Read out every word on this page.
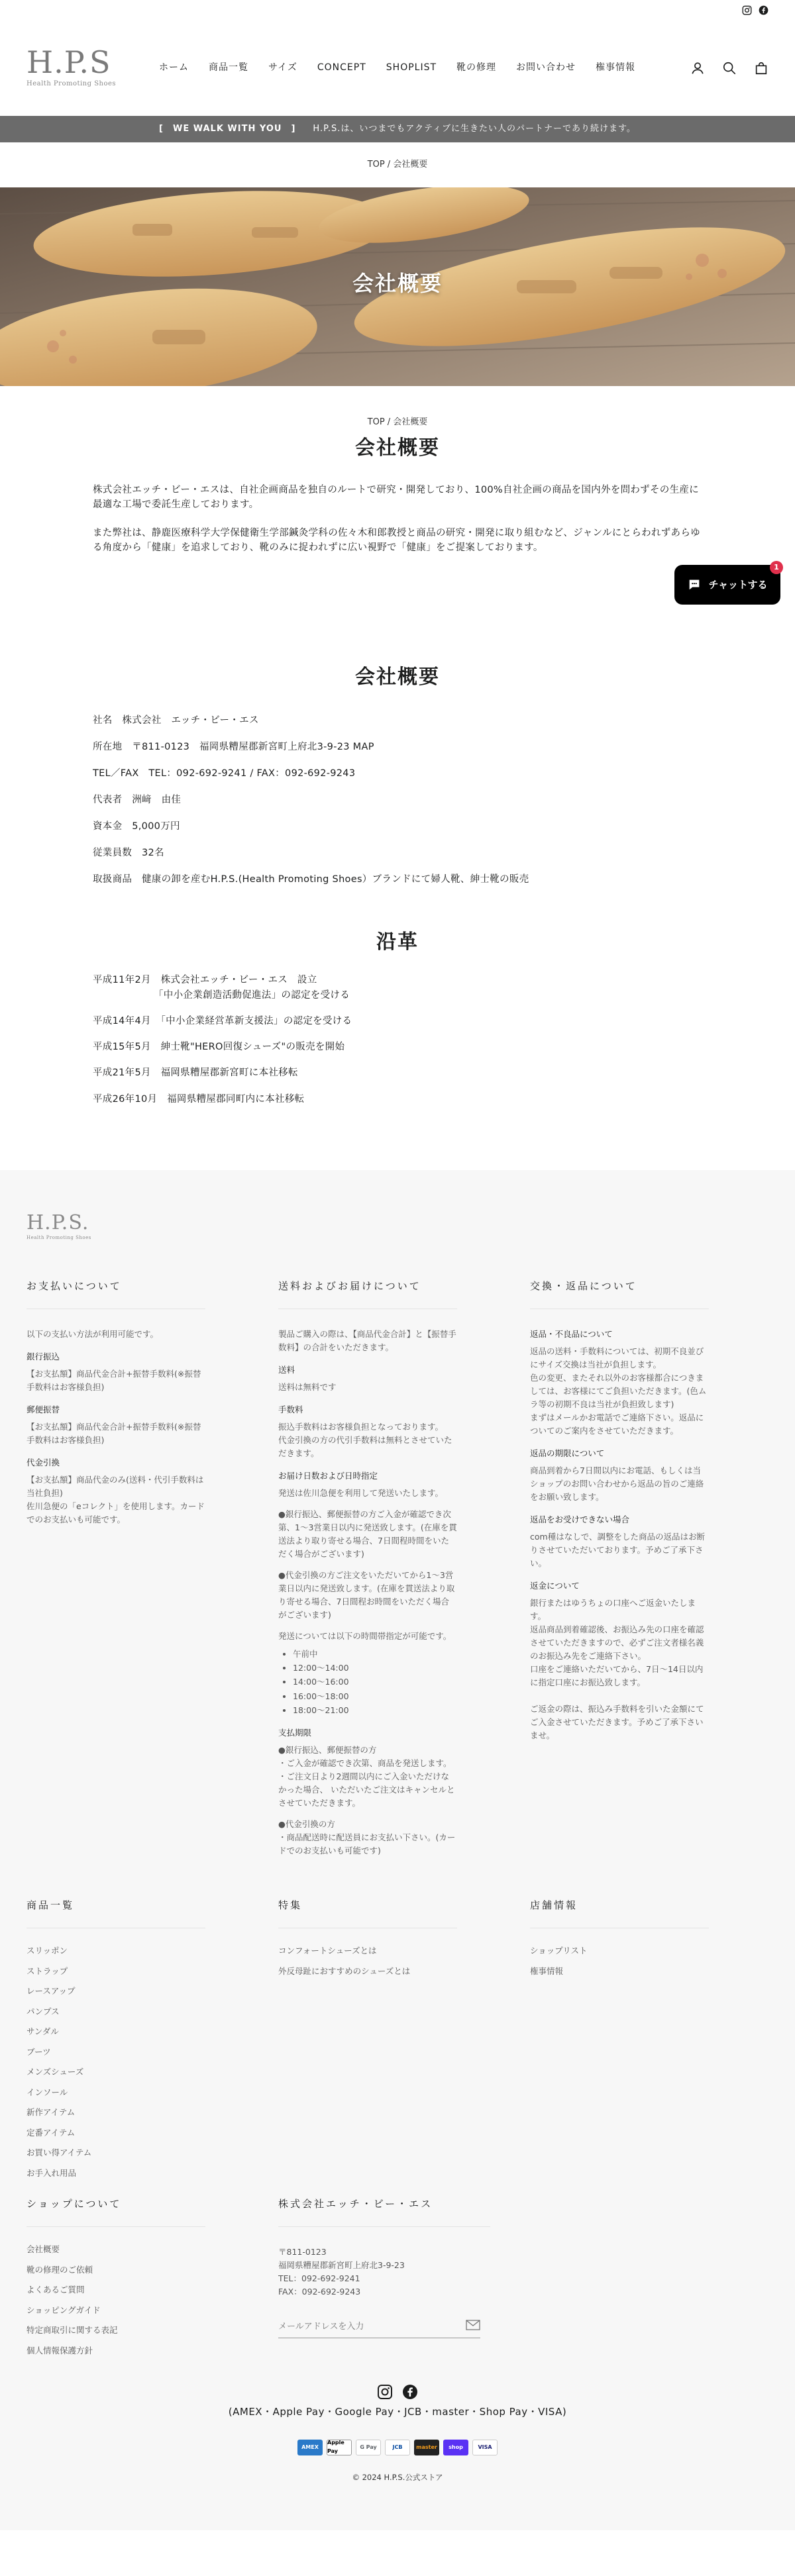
H.P.S
Health Promoting Shoes
ホーム 商品一覧 サイズ CONCEPT SHOPLIST 靴の修理 お問い合わせ 権事情報
[　WE WALK WITH YOU　] H.P.S.は、いつまでもアクティブに生きたい人のパートナーであり続けます。
TOP / 会社概要
会社概要
TOP / 会社概要
会社概要

株式会社エッチ・ビー・エスは、自社企画商品を独自のルートで研究・開発しており、100%自社企画の商品を国内外を問わずその生産に最適な工場で委託生産しております。

また弊社は、静鹿医療科学大学保健衛生学部鍼灸学科の佐々木和郎教授と商品の研究・開発に取り組むなど、ジャンルにとらわれずあらゆる角度から「健康」を追求しており、靴のみに捉われずに広い視野で「健康」をご提案しております。

チャットする
1
会社概要
社名　株式会社　エッチ・ビー・エス
所在地　〒811-0123　福岡県糟屋郡新宮町上府北3-9-23 MAP
TEL／FAX　TEL：092-692-9241 / FAX：092-692-9243
代表者　洲﨑　由佳
資本金　5,000万円
従業員数　32名
取扱商品　健康の卸を産むH.P.S.(Health Promoting Shoes）ブランドにて婦人靴、紳士靴の販売
沿革
平成11年2月　株式会社エッチ・ビー・エス　設立
「中小企業創造活動促進法」の認定を受ける
平成14年4月　「中小企業経営革新支援法」の認定を受ける
平成15年5月　紳士靴"HERO回復シューズ"の販売を開始
平成21年5月　福岡県糟屋郡新宮町に本社移転
平成26年10月　福岡県糟屋郡同町内に本社移転
H.P.S.
Health Promoting Shoes
お支払いについて

以下の支払い方法が利用可能です。

銀行振込

【お支払額】商品代金合計+振替手数料(※振替手数料はお客様負担)

郵便振替

【お支払額】商品代金合計+振替手数料(※振替手数料はお客様負担)

代金引換

【お支払額】商品代金のみ(送料・代引手数料は当社負担)
佐川急便の「eコレクト」を使用します。カードでのお支払いも可能です。

送料およびお届けについて

製品ご購入の際は、【商品代金合計】と【振替手数料】の合計をいただきます。

送料

送料は無料です

手数料

振込手数料はお客様負担となっております。
代金引換の方の代引手数料は無料とさせていただきます。

お届け日数および日時指定

発送は佐川急便を利用して発送いたします。

●銀行振込、郵便振替の方ご入金が確認でき次第、1〜3営業日以内に発送致します。(在庫を貫送法より取り寄せる場合、7日間程時間をいただく場合がございます)

●代金引換の方ご注文をいただいてから1〜3営業日以内に発送致します。(在庫を貫送法より取り寄せる場合、7日間程お時間をいただく場合がございます)

発送については以下の時間帯指定が可能です。

• 午前中
• 12:00〜14:00
• 14:00〜16:00
• 16:00〜18:00
• 18:00〜21:00
支払期限

●銀行振込、郵便振替の方
・ご入金が確認でき次第、商品を発送します。
・ご注文日より2週間以内にご入金いただけなかった場合、 いただいたご注文はキャンセルとさせていただきます。

●代金引換の方
・商品配送時に配送員にお支払い下さい。(カードでのお支払いも可能です)

交換・返品について
返品・不良品について

返品の送料・手数料については、初期不良並びにサイズ交換は当社が負担します。
色の変更、またそれ以外のお客様都合につきましては、お客様にてご負担いただきます。(色ムラ等の初期不良は当社が負担致します)
まずはメールかお電話でご連絡下さい。返品についてのご案内をさせていただきます。

返品の期限について

商品到着から7日間以内にお電話、もしくは当ショップのお問い合わせから返品の旨のご連絡をお願い致します。

返品をお受けできない場合

com種はなしで、調整をした商品の返品はお断りさせていただいております。予めご了承下さい。

返金について

銀行またはゆうちょの口座へご返金いたします。
返品商品到着確認後、お振込み先の口座を確認させていただきますので、必ずご注文者様名義のお振込み先をご連絡下さい。
口座をご連絡いただいてから、7日〜14日以内に指定口座にお振込致します。

ご返金の際は、振込み手数料を引いた金額にてご入金させていただきます。予めご了承下さいませ。

商品一覧
スリッポン
ストラップ
レースアップ
パンプス
サンダル
ブーツ
メンズシューズ
インソール
新作アイテム
定番アイテム
お買い得アイテム
お手入れ用品
特集
コンフォートシューズとは
外反母趾におすすめのシューズとは
店舗情報
ショップリスト
権事情報
ショップについて
会社概要
靴の修理のご依頼
よくあるご質問
ショッピングガイド
特定商取引に関する表記
個人情報保護方針
株式会社エッチ・ビー・エス
〒811-0123
福岡県糟屋郡新宮町上府北3-9-23
TEL：092-692-9241
FAX：092-692-9243
メールアドレスを入力
(AMEX・Apple Pay・Google Pay・JCB・master・Shop Pay・VISA)
AMEX
Apple Pay
G Pay	JCB	master	shop	VISA
© 2024 H.P.S.公式ストア
